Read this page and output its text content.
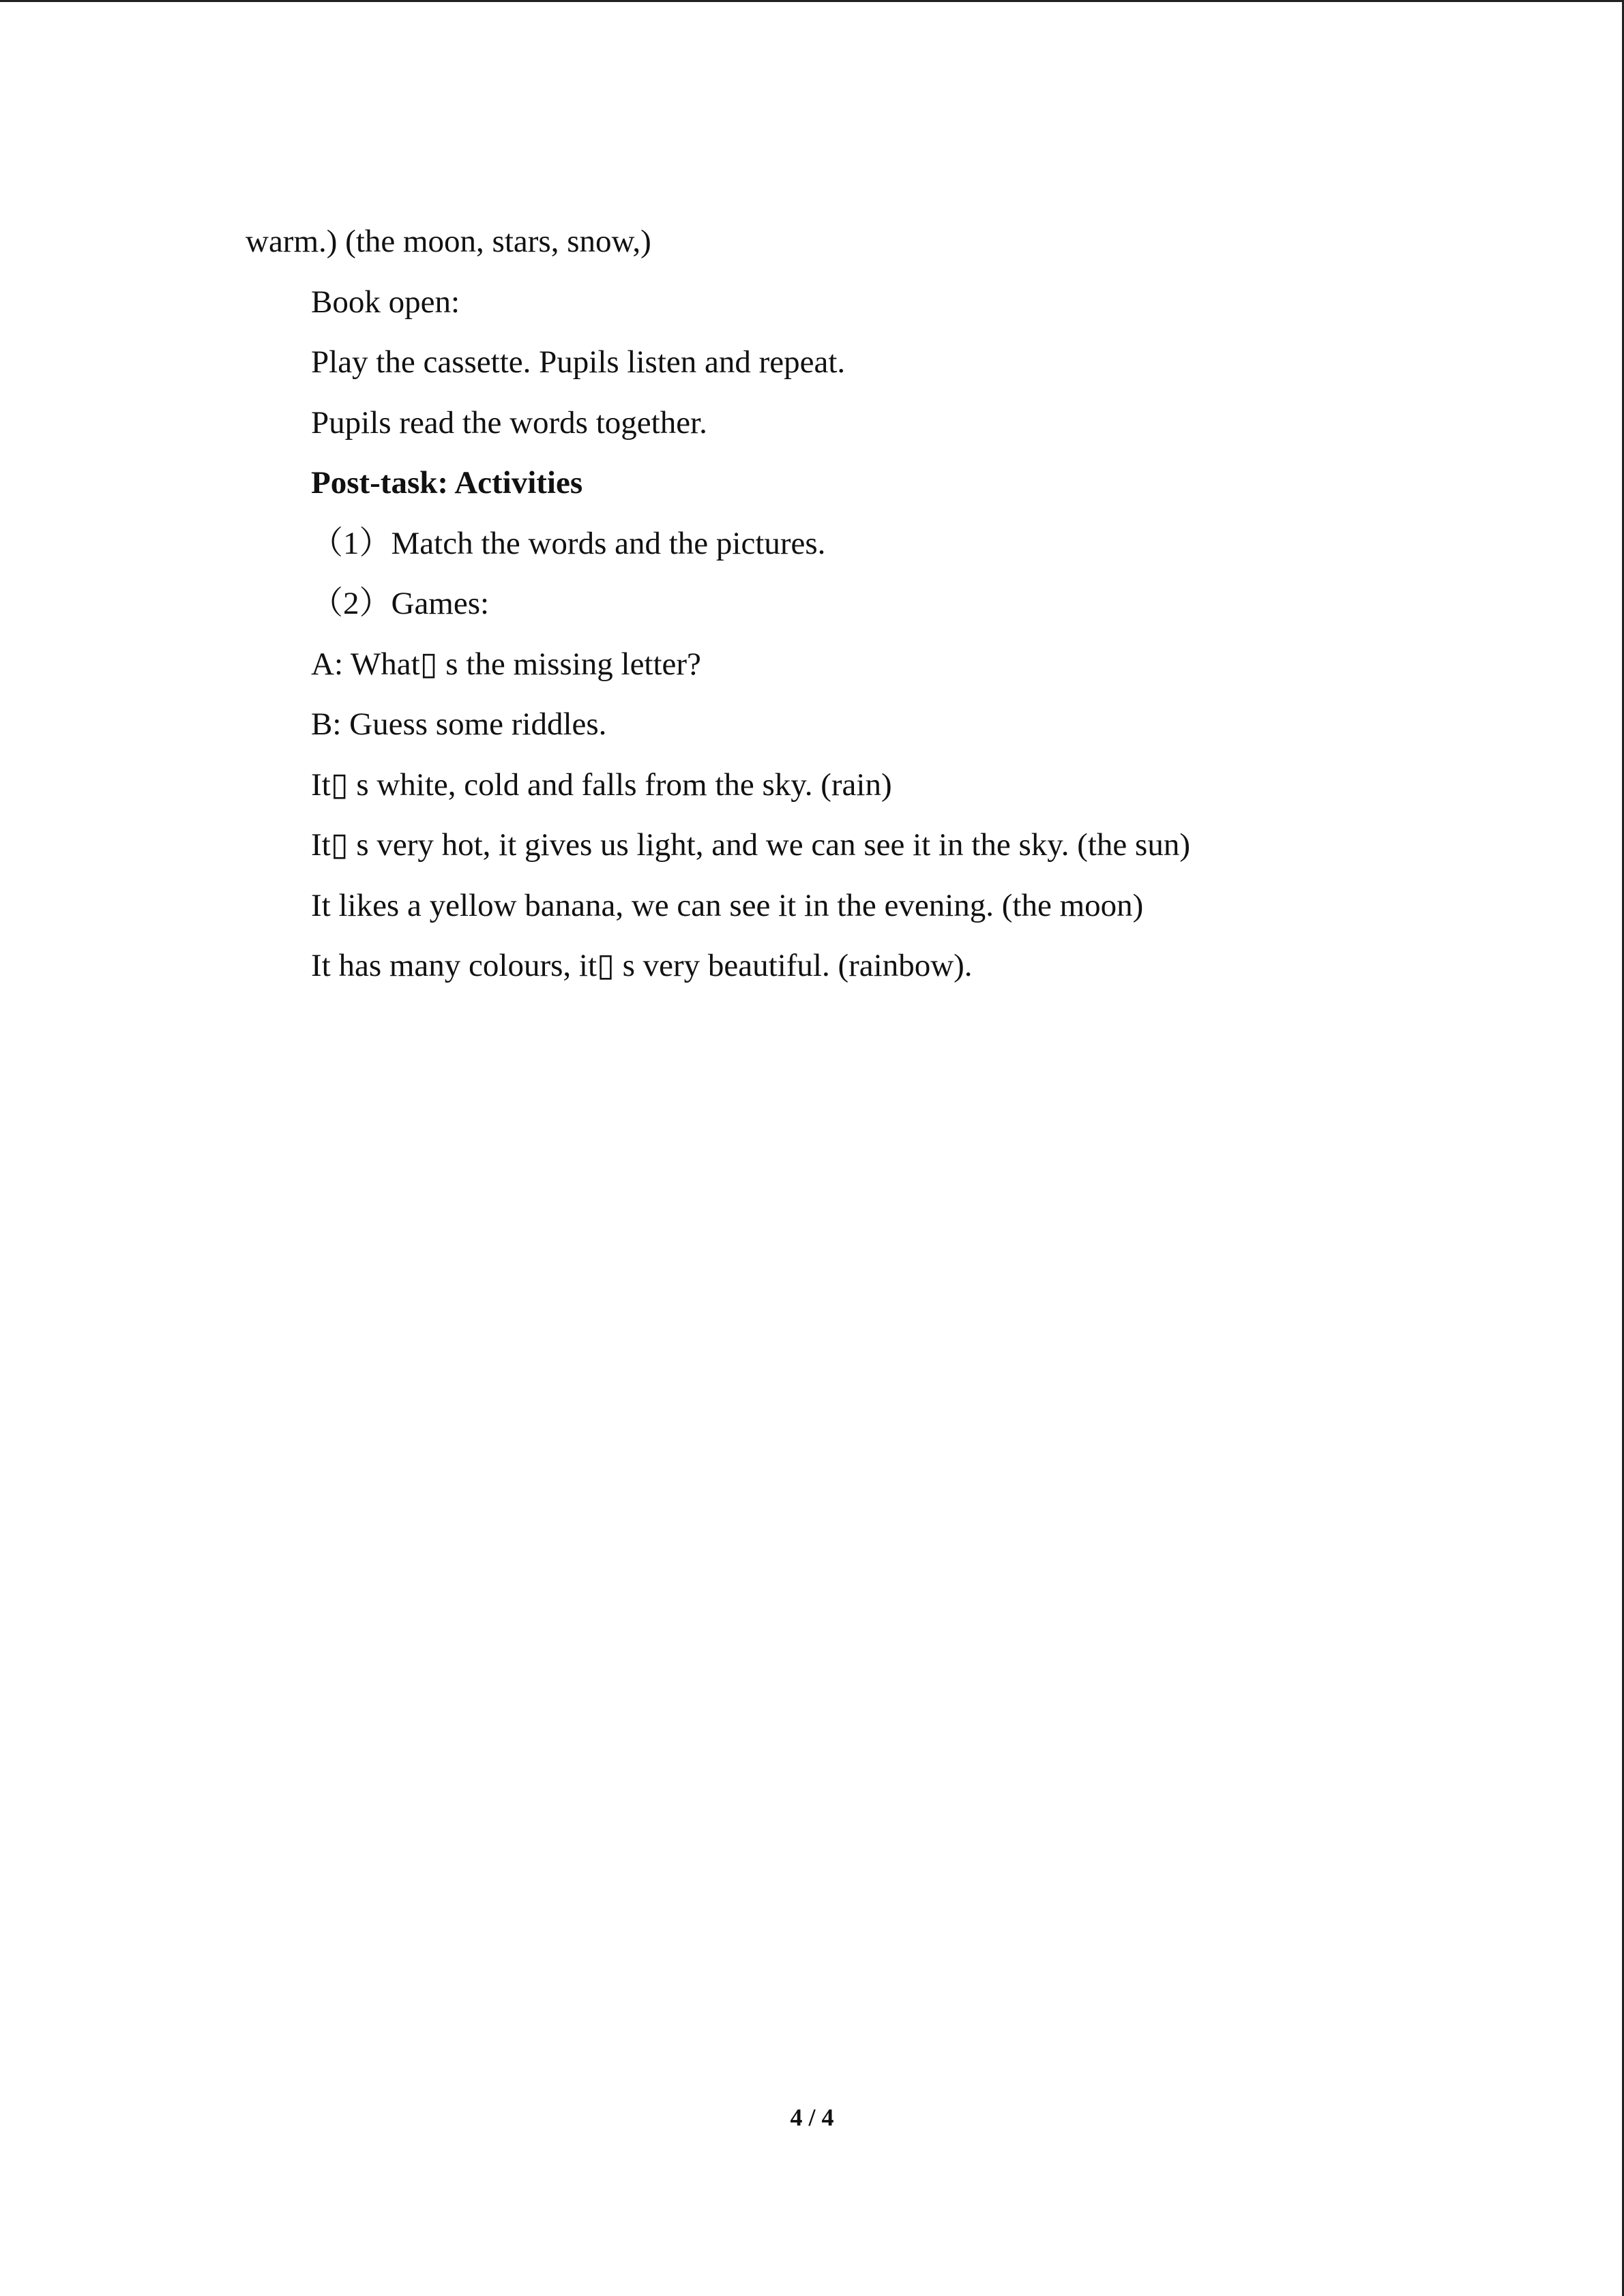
warm.) (the moon, stars, snow,)
Book open:
Play the cassette. Pupils listen and repeat.
Pupils read the words together.
Post-task: Activities
（1）Match the words and the pictures.
（2）Games:
A: What▯ s the missing letter?
B: Guess some riddles.
It▯ s white, cold and falls from the sky. (rain)
It▯ s very hot, it gives us light, and we can see it in the sky. (the sun)
It likes a yellow banana, we can see it in the evening. (the moon)
It has many colours, it▯ s very beautiful. (rainbow).
4 / 4
